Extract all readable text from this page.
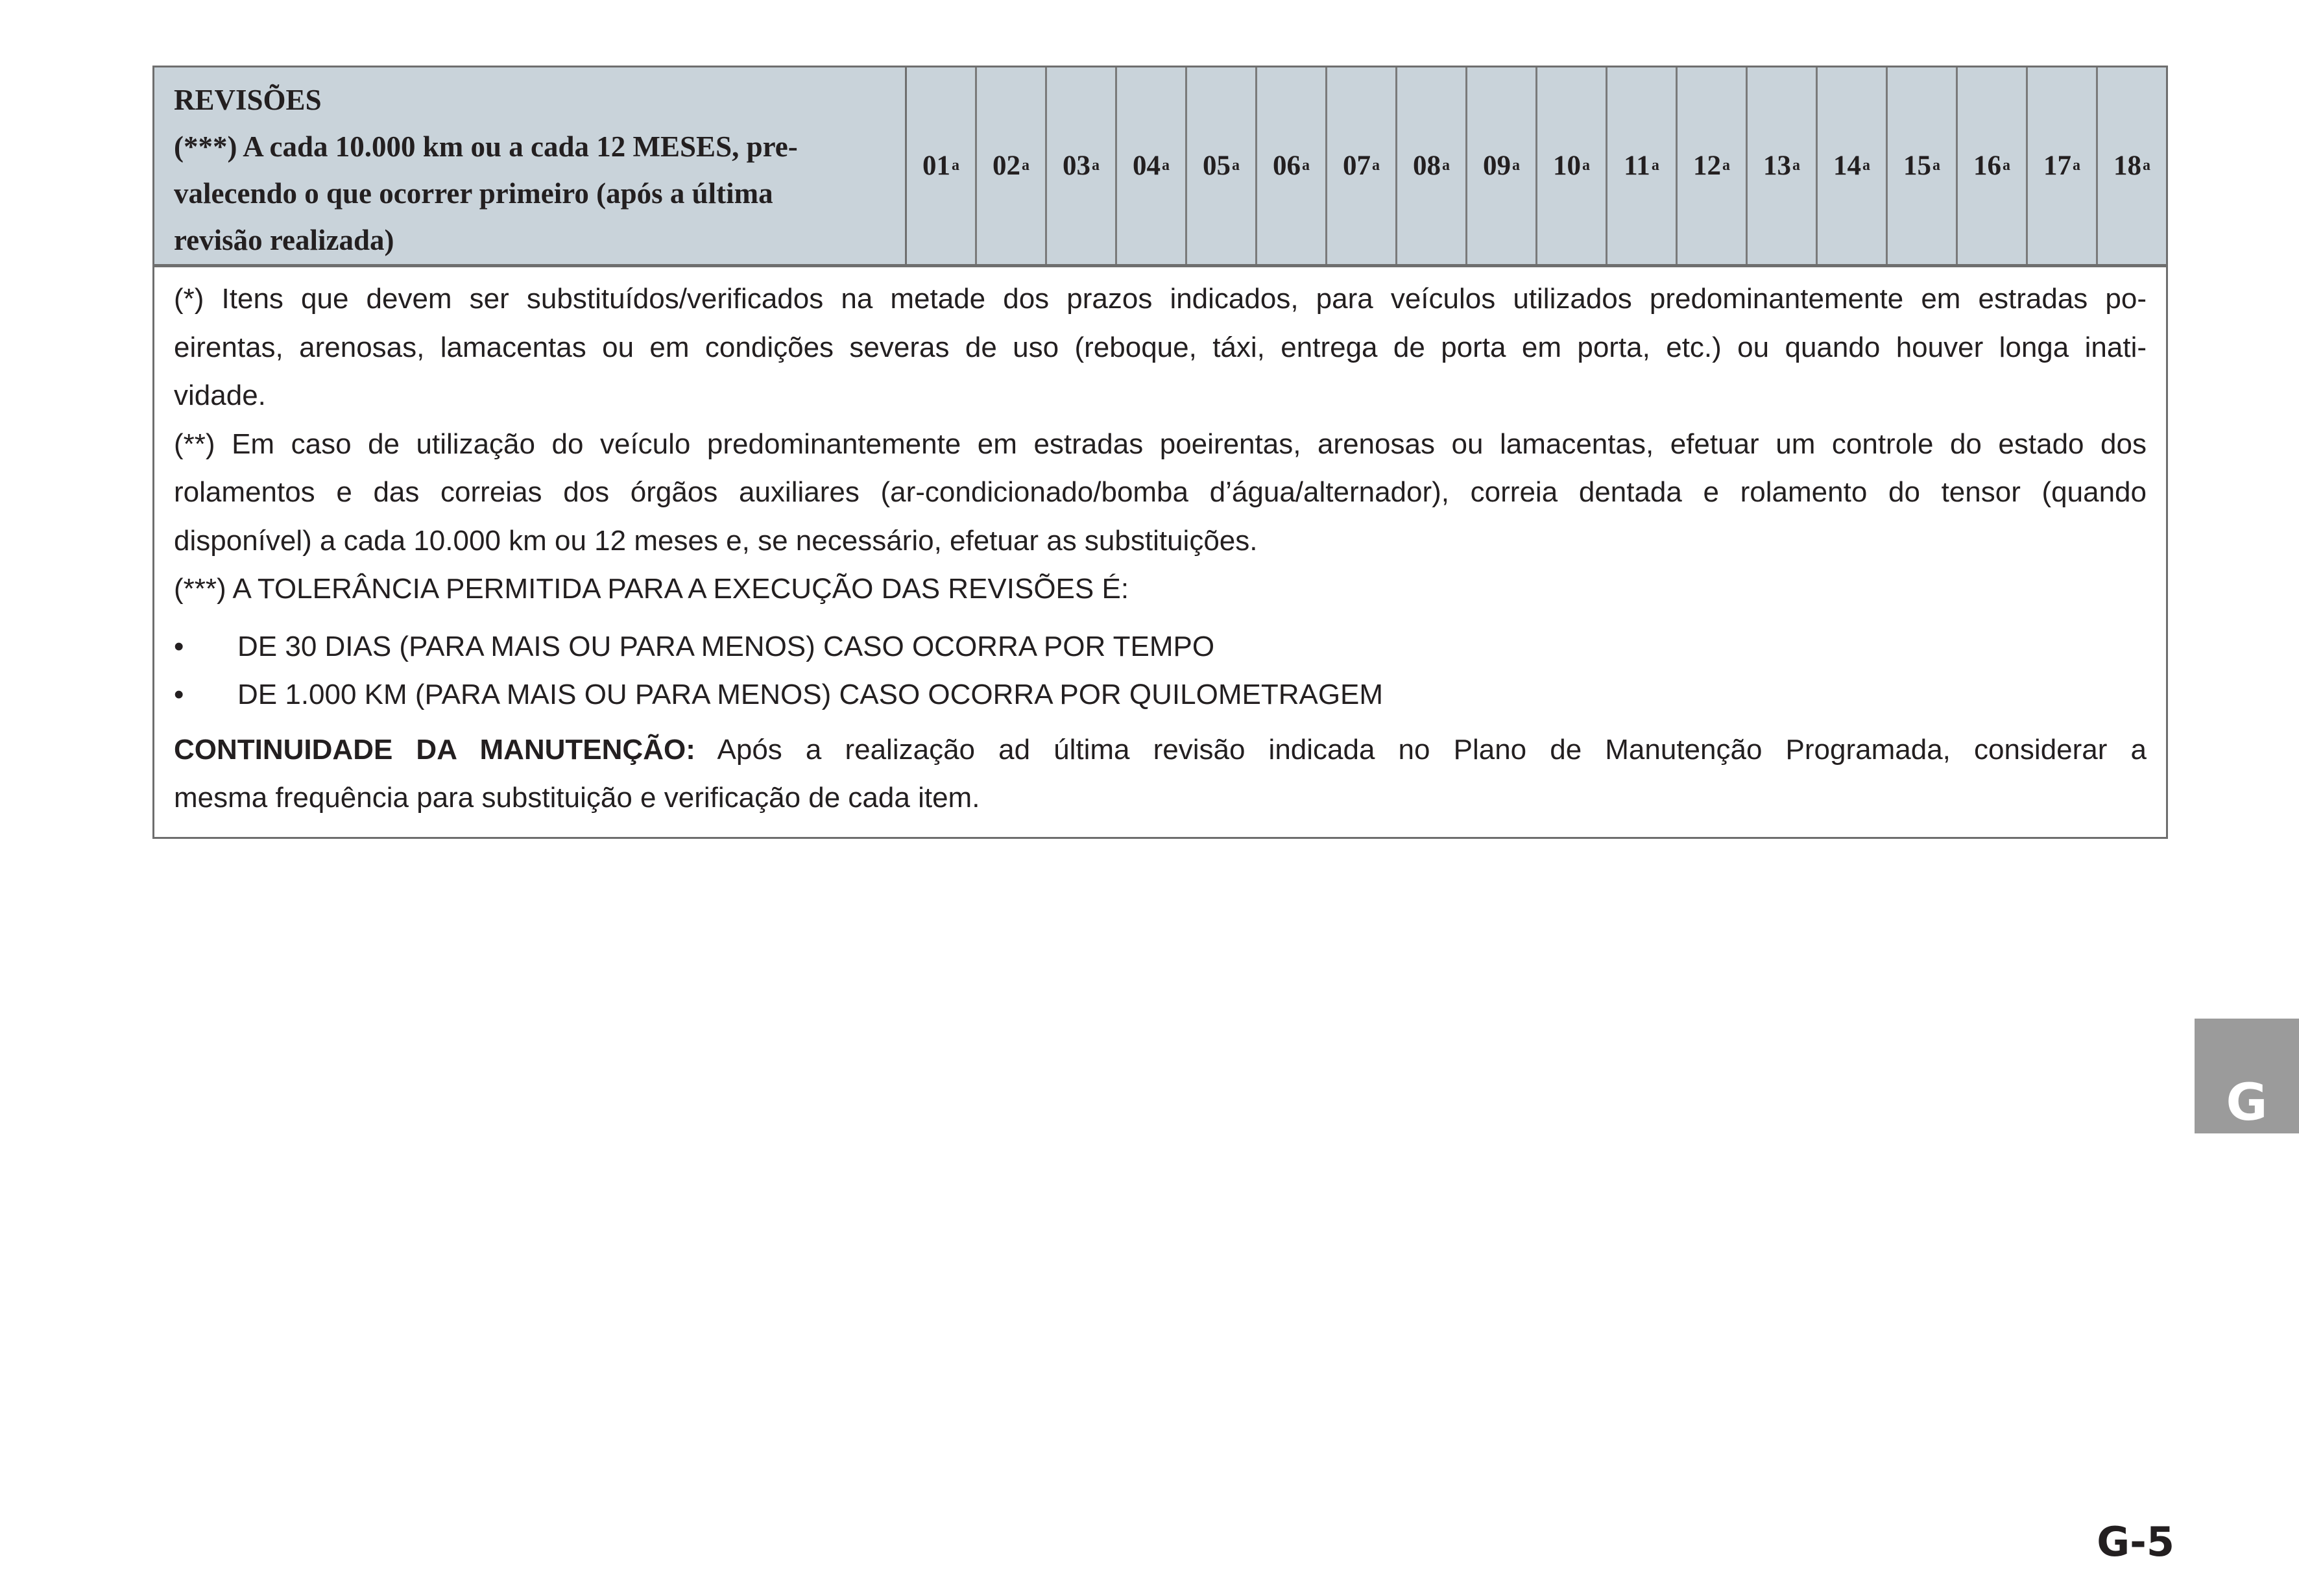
REVISÕES
(***) A cada 10.000 km ou a cada 12 MESES, pre-
valecendo o que ocorrer primeiro (após a última
revisão realizada)
01 a 02 a 03 a 04 a 05 a 06 a 07 a 08 a 09 a 10 a 11 a 12 a 13 a 14 a 15 a 16 a 17 a 18 a

(*) Itens que devem ser substituídos/verificados na metade dos prazos indicados, para veículos utilizados predominantemente em estradas po-

eirentas, arenosas, lamacentas ou em condições severas de uso (reboque, táxi, entrega de porta em porta, etc.) ou quando houver longa inati-

vidade.

(**) Em caso de utilização do veículo predominantemente em estradas poeirentas, arenosas ou lamacentas, efetuar um controle do estado dos

rolamentos e das correias dos órgãos auxiliares (ar-condicionado/bomba d’água/alternador), correia dentada e rolamento do tensor (quando

disponível) a cada 10.000 km ou 12 meses e, se necessário, efetuar as substituições.

(***) A TOLERÂNCIA PERMITIDA PARA A EXECUÇÃO DAS REVISÕES É:

•	DE 30 DIAS (PARA MAIS OU PARA MENOS) CASO OCORRA POR TEMPO
•	DE 1.000 KM (PARA MAIS OU PARA MENOS) CASO OCORRA POR QUILOMETRAGEM

CONTINUIDADE DA MANUTENÇÃO: Após a realização ad última revisão indicada no Plano de Manutenção Programada, considerar a

mesma frequência para substituição e verificação de cada item.

G
G-5
